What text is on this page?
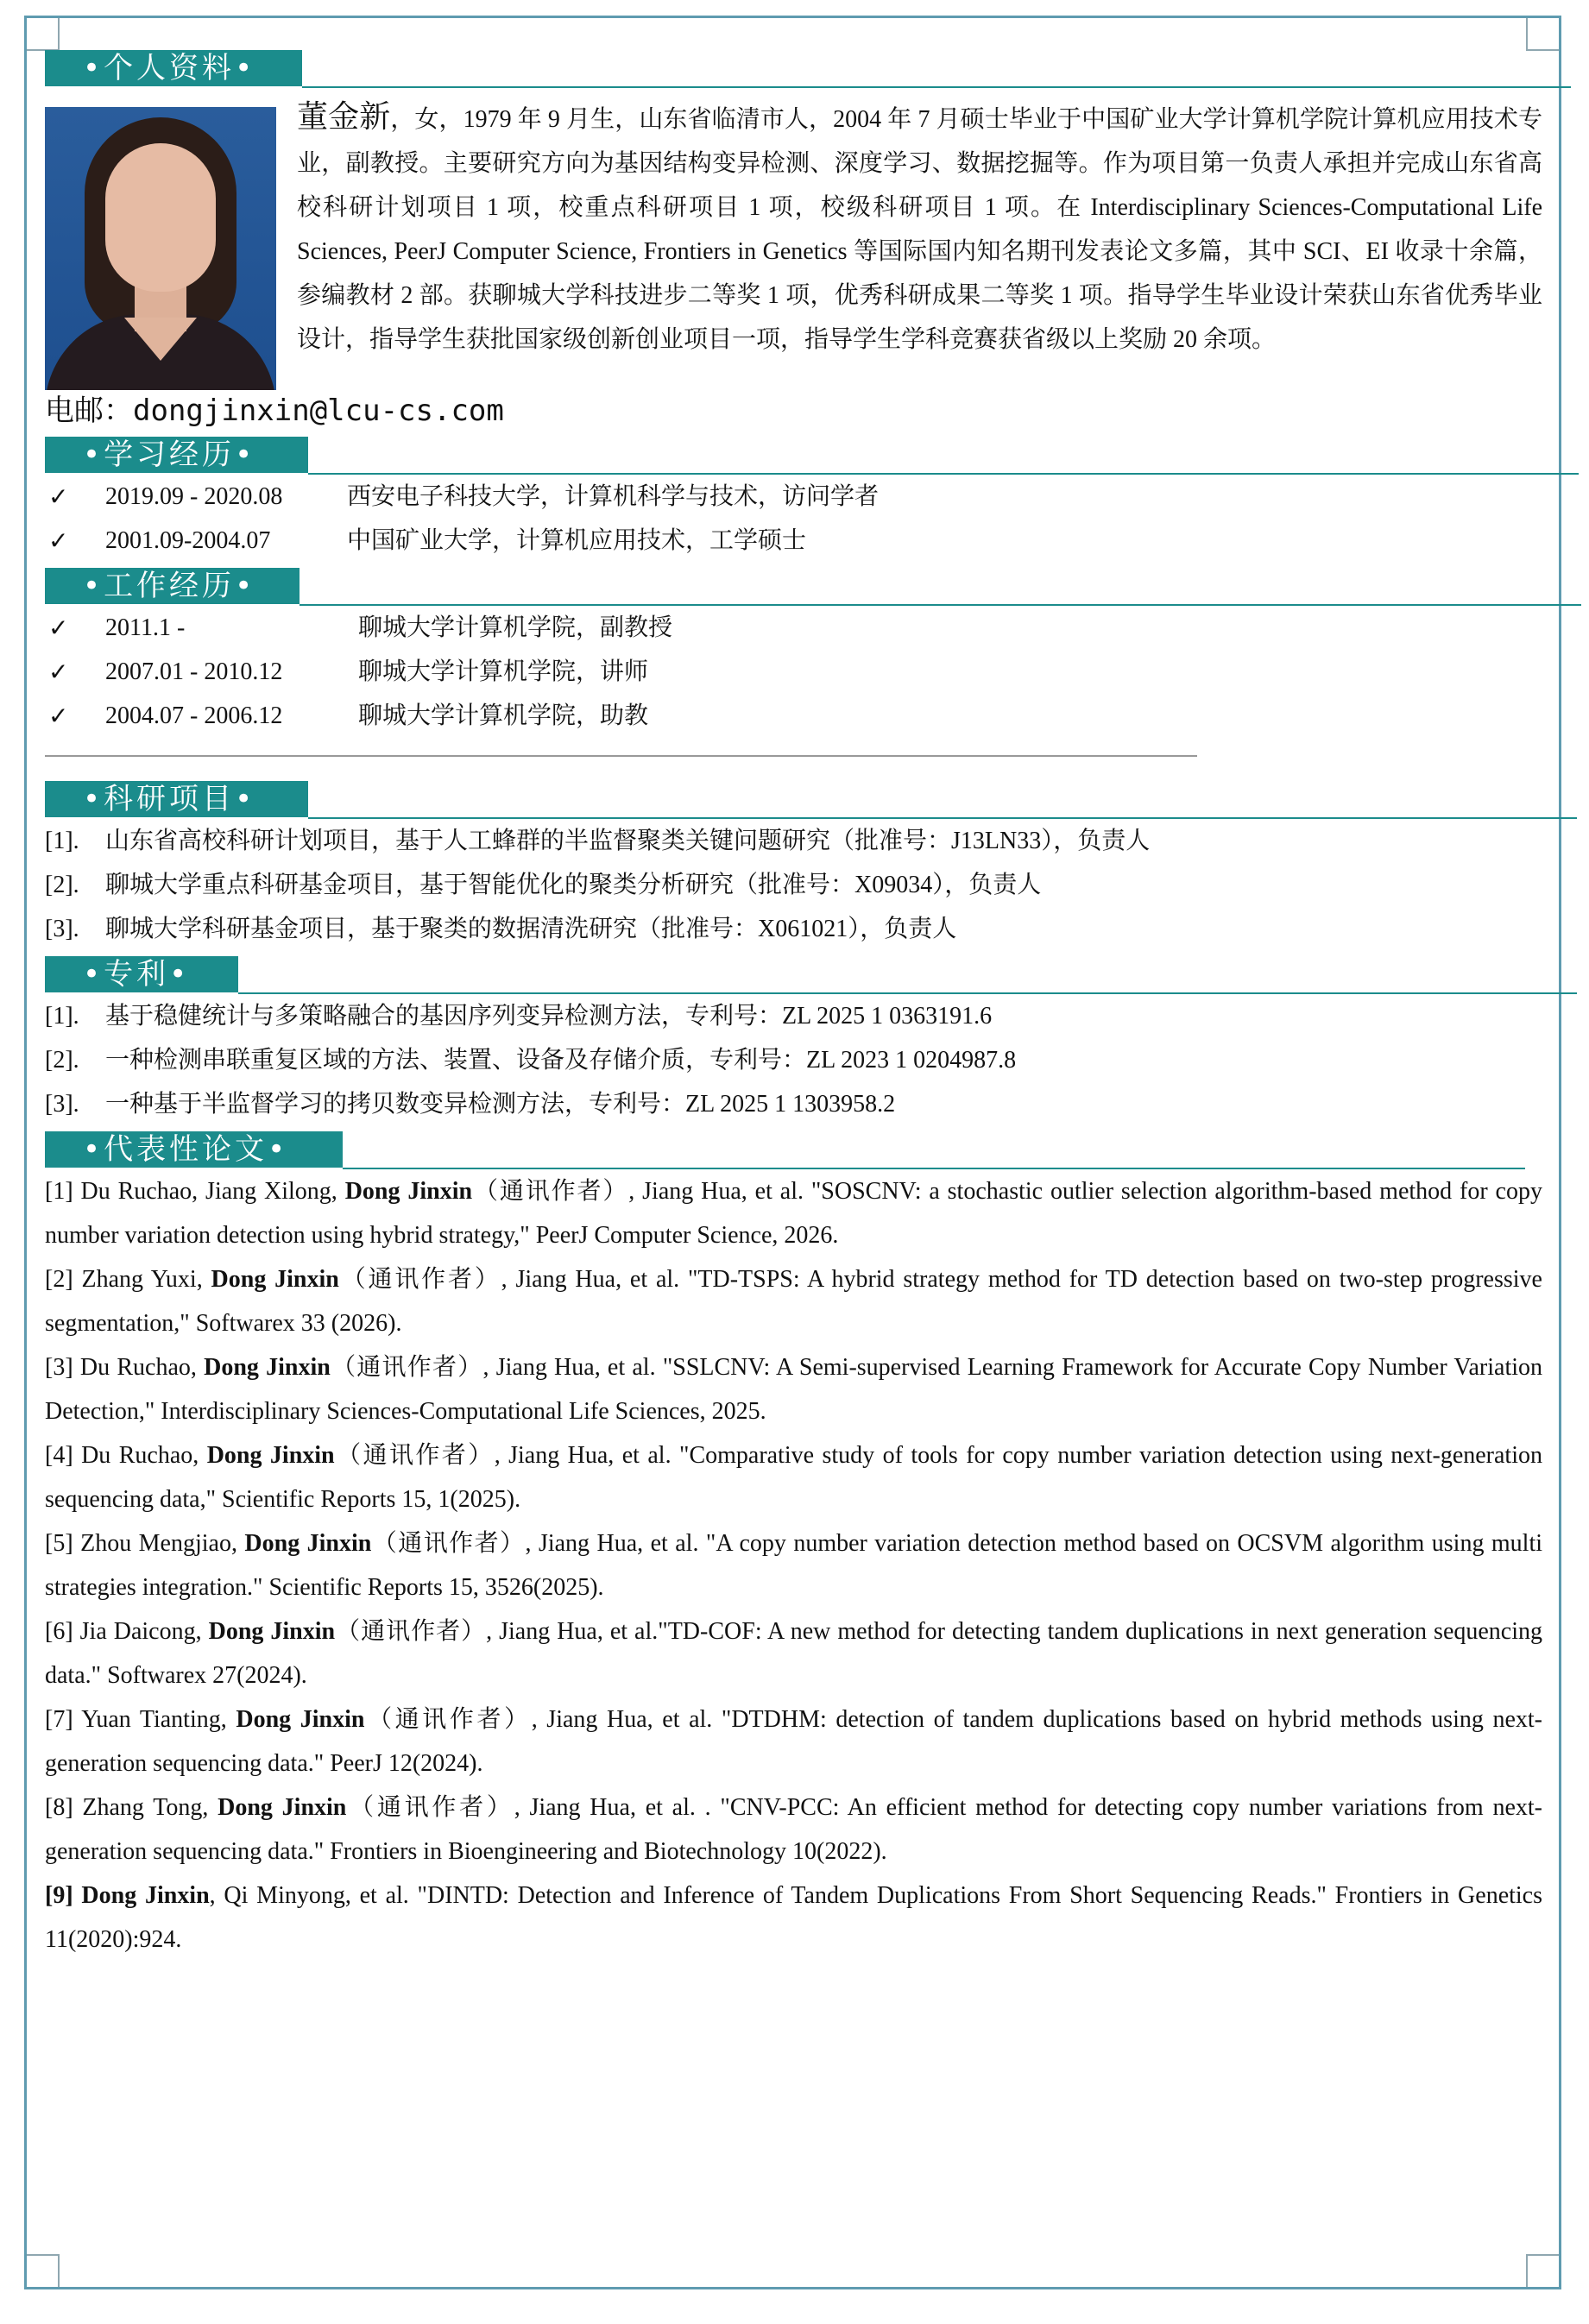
•个人资料•
董金新，女，1979 年 9 月生，山东省临清市人，2004 年 7 月硕士毕业于中国矿业大学计算机学院计算机应用技术专业，副教授。主要研究方向为基因结构变异检测、深度学习、数据挖掘等。作为项目第一负责人承担并完成山东省高校科研计划项目 1 项，校重点科研项目 1 项，校级科研项目 1 项。在 Interdisciplinary Sciences-Computational Life Sciences, PeerJ Computer Science, Frontiers in Genetics 等国际国内知名期刊发表论文多篇，其中 SCI、EI 收录十余篇，参编教材 2 部。获聊城大学科技进步二等奖 1 项，优秀科研成果二等奖 1 项。指导学生毕业设计荣获山东省优秀毕业设计，指导学生获批国家级创新创业项目一项，指导学生学科竞赛获省级以上奖励 20 余项。
电邮：dongjinxin@lcu-cs.com
•学习经历•
✓ 2019.09 - 2020.08	西安电子科技大学，计算机科学与技术，访问学者
✓ 2001.09-2004.07	中国矿业大学，计算机应用技术，工学硕士
•工作经历•
✓ 2011.1 -	聊城大学计算机学院，副教授
✓ 2007.01 - 2010.12	聊城大学计算机学院，讲师
✓ 2004.07 - 2006.12	聊城大学计算机学院，助教
•科研项目•
[1]. 山东省高校科研计划项目，基于人工蜂群的半监督聚类关键问题研究（批准号：J13LN33），负责人
[2]. 聊城大学重点科研基金项目，基于智能优化的聚类分析研究（批准号：X09034），负责人
[3]. 聊城大学科研基金项目，基于聚类的数据清洗研究（批准号：X061021），负责人
•专利•
[1]. 基于稳健统计与多策略融合的基因序列变异检测方法，专利号：ZL 2025 1 0363191.6
[2]. 一种检测串联重复区域的方法、装置、设备及存储介质，专利号：ZL 2023 1 0204987.8
[3]. 一种基于半监督学习的拷贝数变异检测方法，专利号：ZL 2025 1 1303958.2
•代表性论文•
[1] Du Ruchao, Jiang Xilong, Dong Jinxin（通讯作者）, Jiang Hua, et al. "SOSCNV: a stochastic outlier selection algorithm-based method for copy number variation detection using hybrid strategy," PeerJ Computer Science, 2026.
[2] Zhang Yuxi, Dong Jinxin（通讯作者）, Jiang Hua, et al. "TD-TSPS: A hybrid strategy method for TD detection based on two-step progressive segmentation," Softwarex 33 (2026).
[3] Du Ruchao, Dong Jinxin（通讯作者）, Jiang Hua, et al. "SSLCNV: A Semi-supervised Learning Framework for Accurate Copy Number Variation Detection," Interdisciplinary Sciences-Computational Life Sciences, 2025.
[4] Du Ruchao, Dong Jinxin（通讯作者）, Jiang Hua, et al. "Comparative study of tools for copy number variation detection using next-generation sequencing data," Scientific Reports 15, 1(2025).
[5] Zhou Mengjiao, Dong Jinxin（通讯作者）, Jiang Hua, et al. "A copy number variation detection method based on OCSVM algorithm using multi strategies integration." Scientific Reports 15, 3526(2025).
[6] Jia Daicong, Dong Jinxin（通讯作者）, Jiang Hua, et al."TD-COF: A new method for detecting tandem duplications in next generation sequencing data." Softwarex 27(2024).
[7] Yuan Tianting, Dong Jinxin（通讯作者）, Jiang Hua, et al. "DTDHM: detection of tandem duplications based on hybrid methods using next-generation sequencing data." PeerJ 12(2024).
[8] Zhang Tong, Dong Jinxin（通讯作者）, Jiang Hua, et al. . "CNV-PCC: An efficient method for detecting copy number variations from next-generation sequencing data." Frontiers in Bioengineering and Biotechnology 10(2022).
[9] Dong Jinxin, Qi Minyong, et al. "DINTD: Detection and Inference of Tandem Duplications From Short Sequencing Reads." Frontiers in Genetics 11(2020):924.
